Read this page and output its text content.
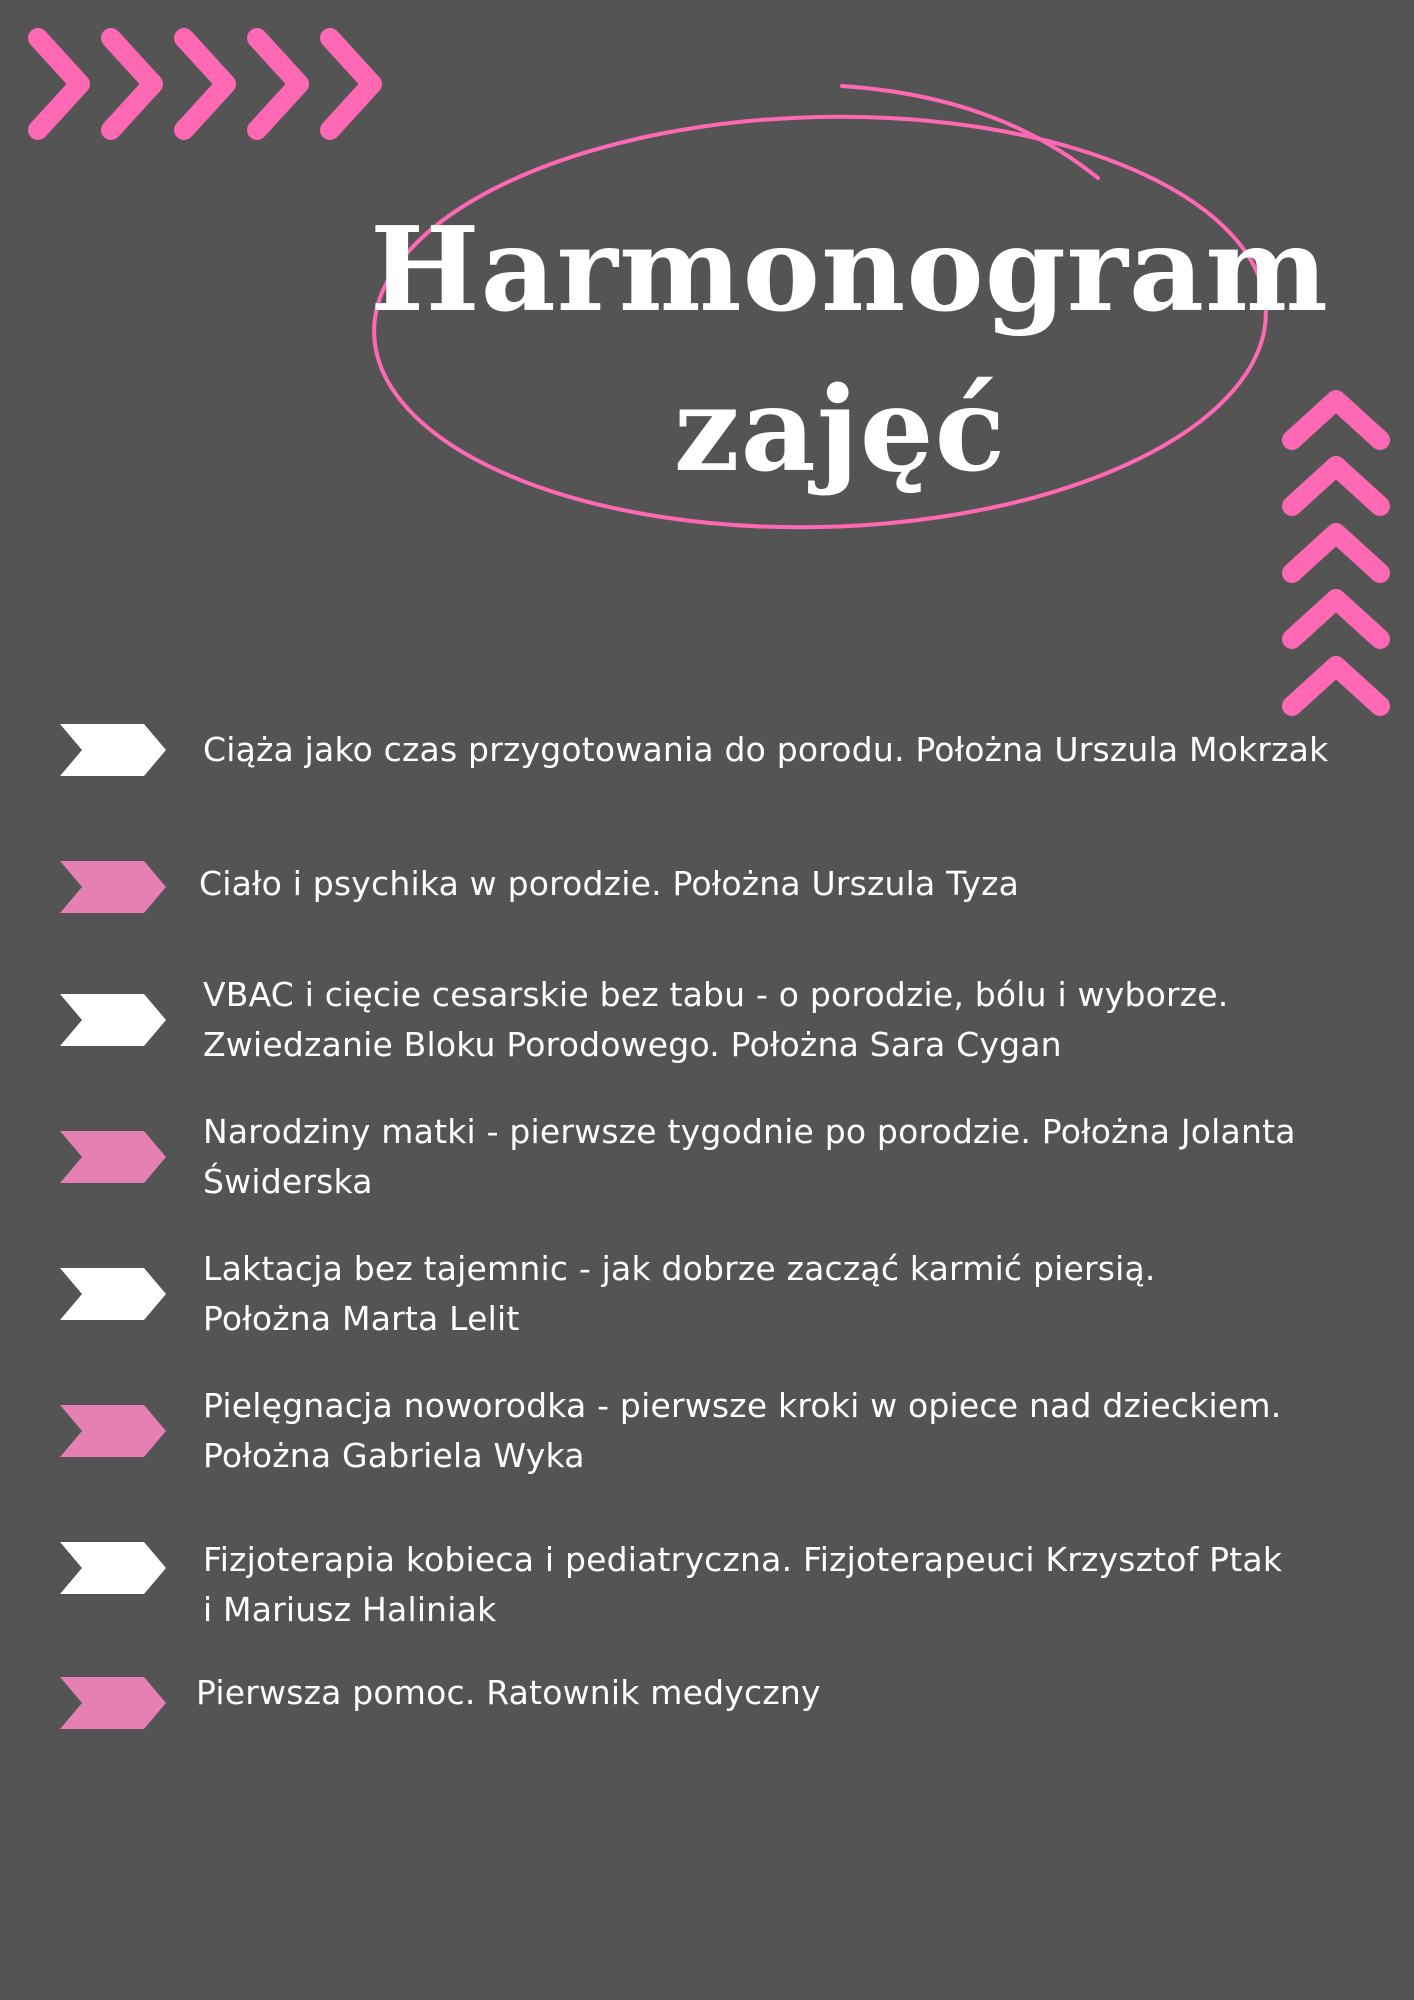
Harmonogram
zajęć

Ciąża jako czas przygotowania do porodu. Położna Urszula Mokrzak

Ciało i psychika w porodzie. Położna Urszula Tyza

VBAC i cięcie cesarskie bez tabu - o porodzie, bólu i wyborze.
Zwiedzanie Bloku Porodowego. Położna Sara Cygan

Narodziny matki - pierwsze tygodnie po porodzie. Położna Jolanta
Świderska

Laktacja bez tajemnic - jak dobrze zacząć karmić piersią.
Położna Marta Lelit

Pielęgnacja noworodka - pierwsze kroki w opiece nad dzieckiem.
Położna Gabriela Wyka

Fizjoterapia kobieca i pediatryczna. Fizjoterapeuci Krzysztof Ptak
i Mariusz Haliniak

Pierwsza pomoc. Ratownik medyczny
